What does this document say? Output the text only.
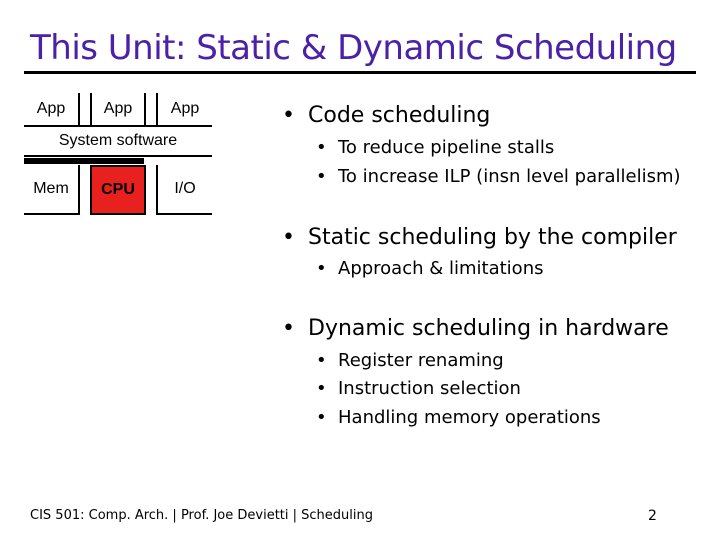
This Unit: Static & Dynamic Scheduling
App App App
System software
Mem CPU I/O
• Code scheduling
• To reduce pipeline stalls
• To increase ILP (insn level parallelism)
• Static scheduling by the compiler
• Approach & limitations
• Dynamic scheduling in hardware
• Register renaming
• Instruction selection
• Handling memory operations
CIS 501: Comp. Arch. | Prof. Joe Devietti | Scheduling	2
